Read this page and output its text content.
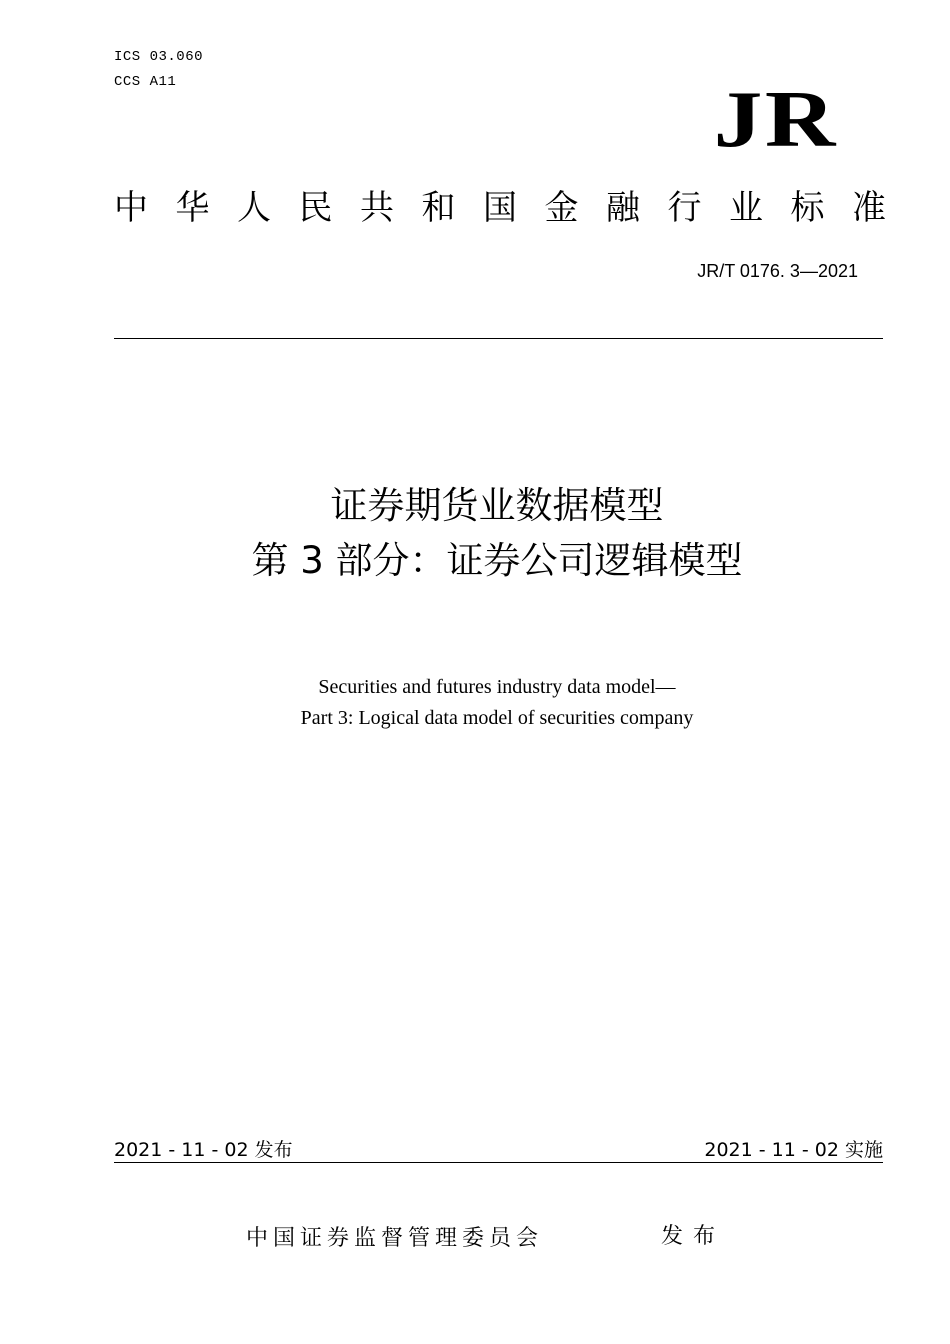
ICS 03.060
CCS A11	JR
中华人民共和国金融行业标准
JR/T 0176. 3—2021
证券期货业数据模型
第 3 部分：证券公司逻辑模型
Securities and futures industry data model—
Part 3: Logical data model of securities company
2021 - 11 - 02 发布	2021 - 11 - 02 实施
中国证券监督管理委员会	发布
